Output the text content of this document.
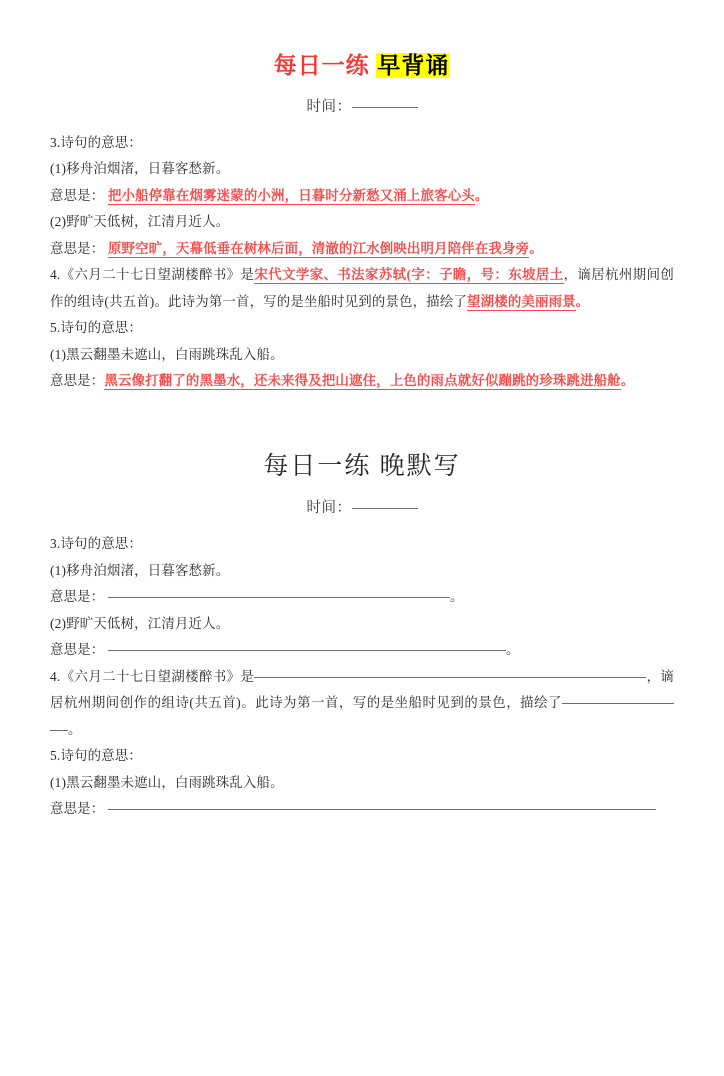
每日一练 早背诵
时间：
3.诗句的意思：
(1)移舟泊烟渚，日暮客愁新。
意思是： 把小船停靠在烟雾迷蒙的小洲，日暮时分新愁又涌上旅客心头。
(2)野旷天低树，江清月近人。
意思是： 原野空旷，天幕低垂在树林后面，清澈的江水倒映出明月陪伴在我身旁。
4.《六月二十七日望湖楼醉书》是宋代文学家、书法家苏轼(字：子瞻，号：东坡居土，谪居杭州期间创作的组诗(共五首)。此诗为第一首，写的是坐船时见到的景色，描绘了望湖楼的美丽雨景。
5.诗句的意思：
(1)黑云翻墨未遮山，白雨跳珠乱入船。
意思是：黑云像打翻了的黑墨水，还未来得及把山遮住，上色的雨点就好似蹦跳的珍珠跳进船舱。
每日一练 晚默写
时间：
3.诗句的意思：
(1)移舟泊烟渚，日暮客愁新。
意思是：	。
(2)野旷天低树，江清月近人。
意思是：	。
4.《六月二十七日望湖楼醉书》是	，谪居杭州期间创作的组诗(共五首)。此诗为第一首，写的是坐船时见到的景色，描绘了。
5.诗句的意思：
(1)黑云翻墨未遮山，白雨跳珠乱入船。
意思是：
